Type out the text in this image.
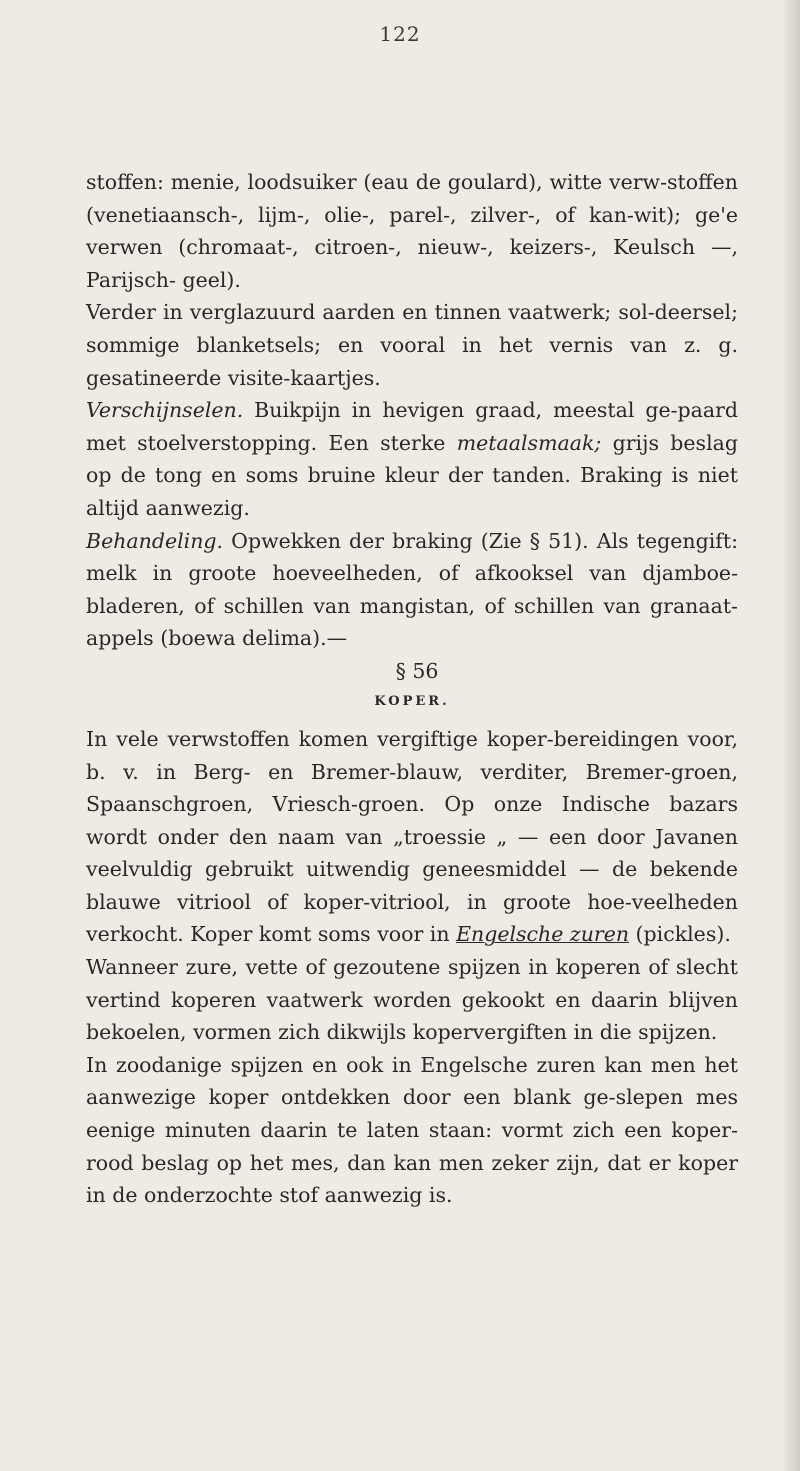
122

stoffen: menie, loodsuiker (eau de goulard), witte verw-stoffen (venetiaansch-, lijm-, olie-, parel-, zilver-, of kan-wit); ge'e verwen (chromaat-, citroen-, nieuw-, keizers-, Keulsch —, Parijsch- geel).

Verder in verglazuurd aarden en tinnen vaatwerk; sol-deersel; sommige blanketsels; en vooral in het vernis van z. g. gesatineerde visite-kaartjes.

Verschijnselen. Buikpijn in hevigen graad, meestal ge-paard met stoelverstopping. Een sterke metaalsmaak; grijs beslag op de tong en soms bruine kleur der tanden. Braking is niet altijd aanwezig.

Behandeling. Opwekken der braking (Zie § 51). Als tegengift: melk in groote hoeveelheden, of afkooksel van djamboe-bladeren, of schillen van mangistan, of schillen van granaat-appels (boewa delima).—

§ 56

KOPER.

In vele verwstoffen komen vergiftige koper-bereidingen voor, b. v. in Berg- en Bremer-blauw, verditer, Bremer-groen, Spaanschgroen, Vriesch-groen. Op onze Indische bazars wordt onder den naam van „troessie „ — een door Javanen veelvuldig gebruikt uitwendig geneesmiddel — de bekende blauwe vitriool of koper-vitriool, in groote hoe-veelheden verkocht. Koper komt soms voor in Engelsche zuren (pickles).

Wanneer zure, vette of gezoutene spijzen in koperen of slecht vertind koperen vaatwerk worden gekookt en daarin blijven bekoelen, vormen zich dikwijls kopervergiften in die spijzen.

In zoodanige spijzen en ook in Engelsche zuren kan men het aanwezige koper ontdekken door een blank ge-slepen mes eenige minuten daarin te laten staan: vormt zich een koper-rood beslag op het mes, dan kan men zeker zijn, dat er koper in de onderzochte stof aanwezig is.
